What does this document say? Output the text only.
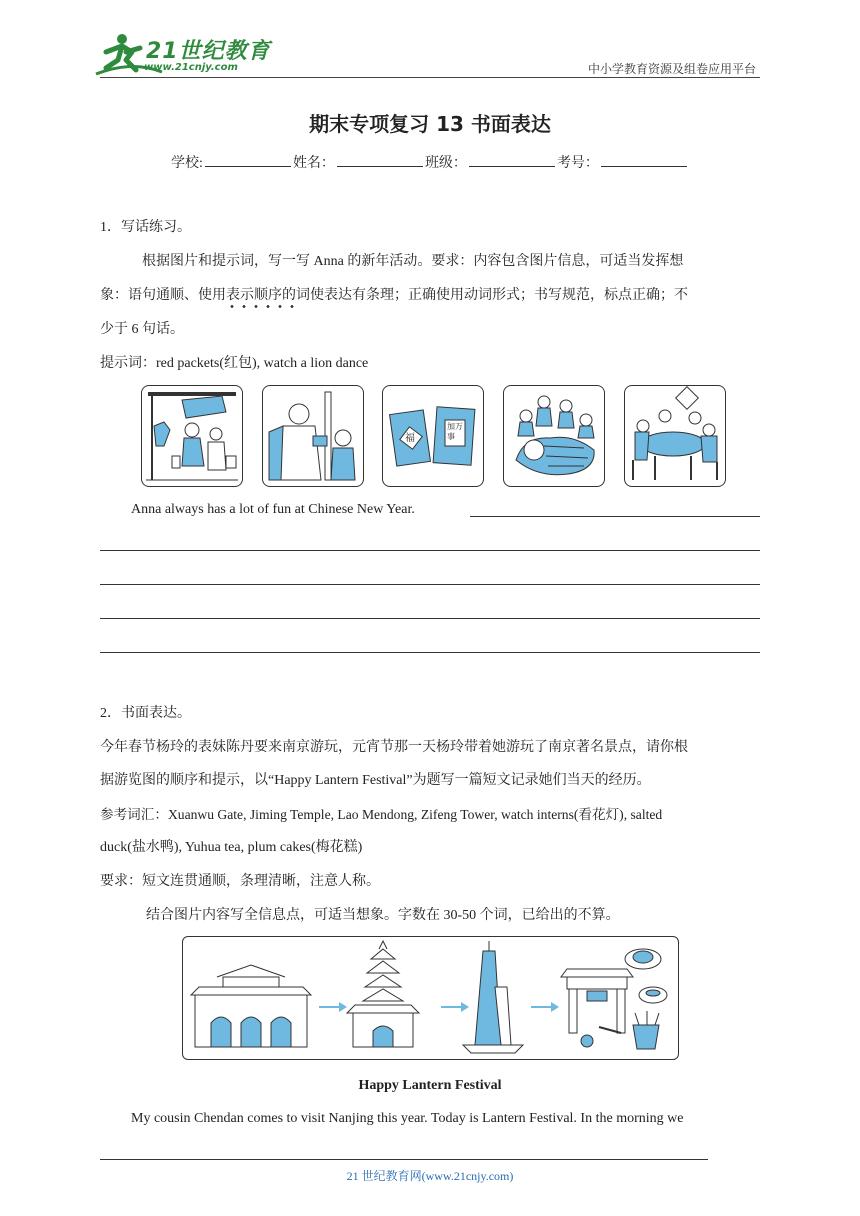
21世纪教育
www.21cnjy.com	中小学教育资源及组卷应用平台
期末专项复习 13 书面表达
学校:	姓名：	班级：	考号：
1．写话练习。
根据图片和提示词，写一写 Anna 的新年活动。要求：内容包含图片信息，可适当发挥想
象：语句通顺、使用表示顺序的词使表达有条理；正确使用动词形式；书写规范，标点正确；不
少于 6 句话。
提示词：red packets(红包), watch a lion dance
福
加万事
Anna always has a lot of fun at Chinese New Year.
2．书面表达。
今年春节杨玲的表妹陈丹要来南京游玩，元宵节那一天杨玲带着她游玩了南京著名景点，请你根
据游览图的顺序和提示，以“Happy Lantern Festival”为题写一篇短文记录她们当天的经历。
参考词汇：Xuanwu Gate, Jiming Temple, Lao Mendong, Zifeng Tower, watch interns(看花灯), salted
duck(盐水鸭), Yuhua tea, plum cakes(梅花糕)
要求：短文连贯通顺，条理清晰，注意人称。
结合图片内容写全信息点，可适当想象。字数在 30-50 个词，已给出的不算。
Happy Lantern Festival
My cousin Chendan comes to visit Nanjing this year. Today is Lantern Festival. In the morning we
21 世纪教育网(www.21cnjy.com)
